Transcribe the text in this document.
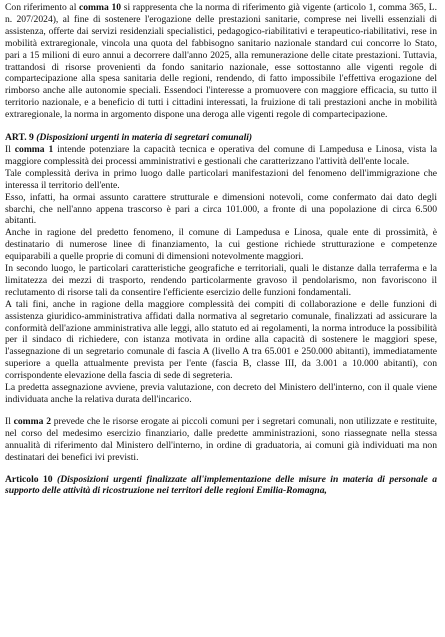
Con riferimento al comma 10 si rappresenta che la norma di riferimento già vigente (articolo 1, comma 365, L. n. 207/2024), al fine di sostenere l'erogazione delle prestazioni sanitarie, comprese nei livelli essenziali di assistenza, offerte dai servizi residenziali specialistici, pedagogico-riabilitativi e terapeutico-riabilitativi, rese in mobilità extraregionale, vincola una quota del fabbisogno sanitario nazionale standard cui concorre lo Stato, pari a 15 milioni di euro annui a decorrere dall'anno 2025, alla remunerazione delle citate prestazioni. Tuttavia, trattandosi di risorse provenienti da fondo sanitario nazionale, esse sottostanno alle vigenti regole di compartecipazione alla spesa sanitaria delle regioni, rendendo, di fatto impossibile l'effettiva erogazione del rimborso anche alle autonomie speciali. Essendoci l'interesse a promuovere con maggiore efficacia, su tutto il territorio nazionale, e a beneficio di tutti i cittadini interessati, la fruizione di tali prestazioni anche in mobilità extraregionale, la norma in argomento dispone una deroga alle vigenti regole di compartecipazione.

ART. 9 (Disposizioni urgenti in materia di segretari comunali)

Il comma 1 intende potenziare la capacità tecnica e operativa del comune di Lampedusa e Linosa, vista la maggiore complessità dei processi amministrativi e gestionali che caratterizzano l'attività dell'ente locale.

Tale complessità deriva in primo luogo dalle particolari manifestazioni del fenomeno dell'immigrazione che interessa il territorio dell'ente.

Esso, infatti, ha ormai assunto carattere strutturale e dimensioni notevoli, come confermato dai dato degli sbarchi, che nell'anno appena trascorso è pari a circa 101.000, a fronte di una popolazione di circa 6.500 abitanti.

Anche in ragione del predetto fenomeno, il comune di Lampedusa e Linosa, quale ente di prossimità, è destinatario di numerose linee di finanziamento, la cui gestione richiede strutturazione e competenze equiparabili a quelle proprie di comuni di dimensioni notevolmente maggiori.

In secondo luogo, le particolari caratteristiche geografiche e territoriali, quali le distanze dalla terraferma e la limitatezza dei mezzi di trasporto, rendendo particolarmente gravoso il pendolarismo, non favoriscono il reclutamento di risorse tali da consentire l'efficiente esercizio delle funzioni fondamentali.

A tali fini, anche in ragione della maggiore complessità dei compiti di collaborazione e delle funzioni di assistenza giuridico-amministrativa affidati dalla normativa al segretario comunale, finalizzati ad assicurare la conformità dell'azione amministrativa alle leggi, allo statuto ed ai regolamenti, la norma introduce la possibilità per il sindaco di richiedere, con istanza motivata in ordine alla capacità di sostenere le maggiori spese, l'assegnazione di un segretario comunale di fascia A (livello A tra 65.001 e 250.000 abitanti), immediatamente superiore a quella attualmente prevista per l'ente (fascia B, classe III, da 3.001 a 10.000 abitanti), con corrispondente elevazione della fascia di sede di segreteria.

La predetta assegnazione avviene, previa valutazione, con decreto del Ministero dell'interno, con il quale viene individuata anche la relativa durata dell'incarico.

Il comma 2 prevede che le risorse erogate ai piccoli comuni per i segretari comunali, non utilizzate e restituite, nel corso del medesimo esercizio finanziario, dalle predette amministrazioni, sono riassegnate nella stessa annualità di riferimento dal Ministero dell'interno, in ordine di graduatoria, ai comuni già individuati ma non destinatari dei benefici ivi previsti.

Articolo 10 (Disposizioni urgenti finalizzate all'implementazione delle misure in materia di personale a supporto delle attività di ricostruzione nei territori delle regioni Emilia-Romagna,
